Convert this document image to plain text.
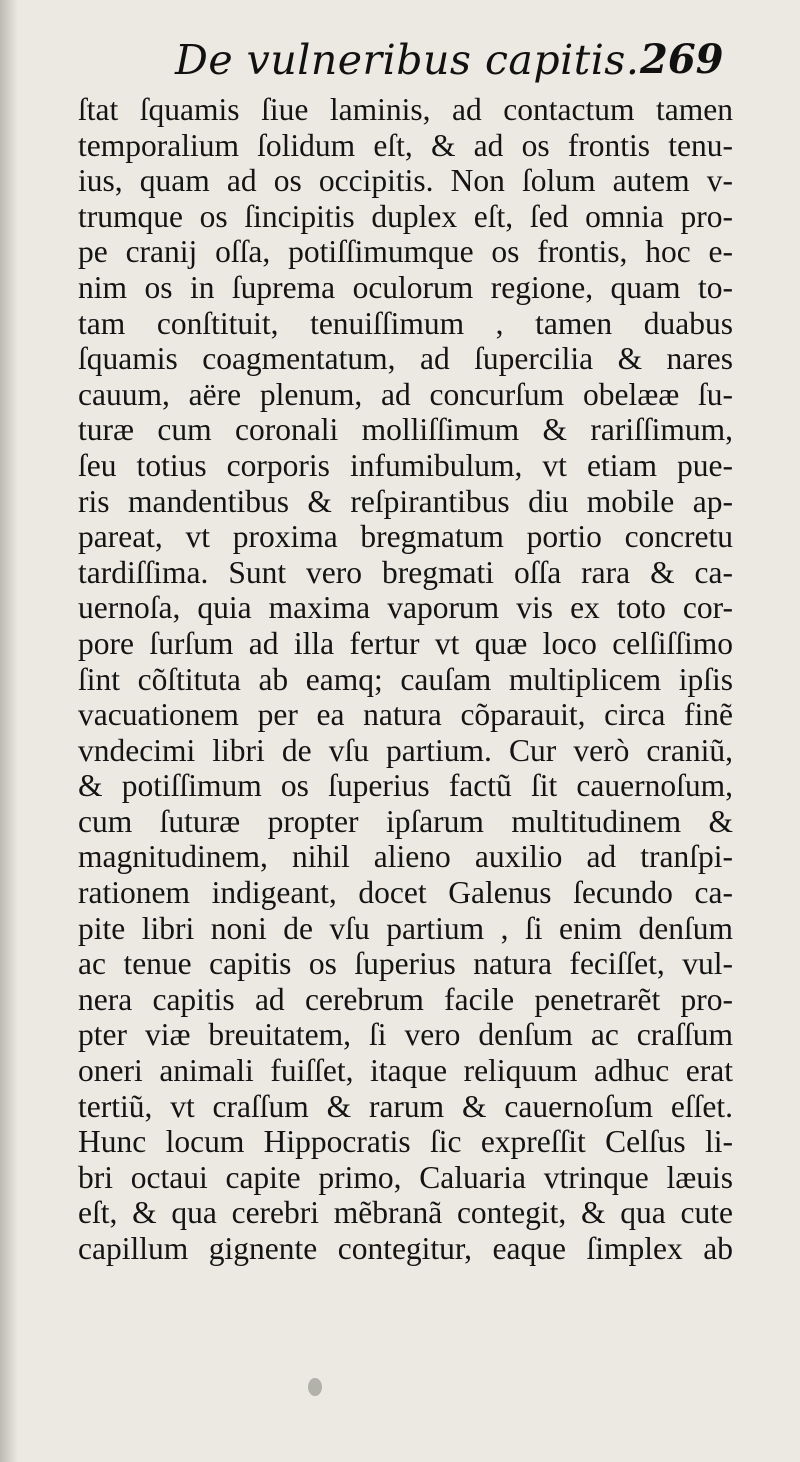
De vulneribus capitis. 269
ſtat ſquamis ſiue laminis, ad contactum tamen
temporalium ſolidum eſt, & ad os frontis tenu-
ius, quam ad os occipitis. Non ſolum autem v-
trumque os ſincipitis duplex eſt, ſed omnia pro-
pe cranij oſſa, potiſſimumque os frontis, hoc e-
nim os in ſuprema oculorum regione, quam to-
tam conſtituit, tenuiſſimum , tamen duabus
ſquamis coagmentatum, ad ſupercilia & nares
cauum, aëre plenum, ad concurſum obelææ ſu-
turæ cum coronali molliſſimum & rariſſimum,
ſeu totius corporis infumibulum, vt etiam pue-
ris mandentibus & reſpirantibus diu mobile ap-
pareat, vt proxima bregmatum portio concretu
tardiſſima. Sunt vero bregmati oſſa rara & ca-
uernoſa, quia maxima vaporum vis ex toto cor-
pore ſurſum ad illa fertur vt quæ loco celſiſſimo
ſint cõſtituta ab eamq; cauſam multiplicem ipſis
vacuationem per ea natura cõparauit, circa finẽ
vndecimi libri de vſu partium. Cur verò craniũ,
& potiſſimum os ſuperius factũ ſit cauernoſum,
cum ſuturæ propter ipſarum multitudinem &
magnitudinem, nihil alieno auxilio ad tranſpi-
rationem indigeant, docet Galenus ſecundo ca-
pite libri noni de vſu partium , ſi enim denſum
ac tenue capitis os ſuperius natura feciſſet, vul-
nera capitis ad cerebrum facile penetrarẽt pro-
pter viæ breuitatem, ſi vero denſum ac craſſum
oneri animali fuiſſet, itaque reliquum adhuc erat
tertiũ, vt craſſum & rarum & cauernoſum eſſet.
Hunc locum Hippocratis ſic expreſſit Celſus li-
bri octaui capite primo, Caluaria vtrinque læuis
eſt, & qua cerebri mẽbranã contegit, & qua cute
capillum gignente contegitur, eaque ſimplex ab
